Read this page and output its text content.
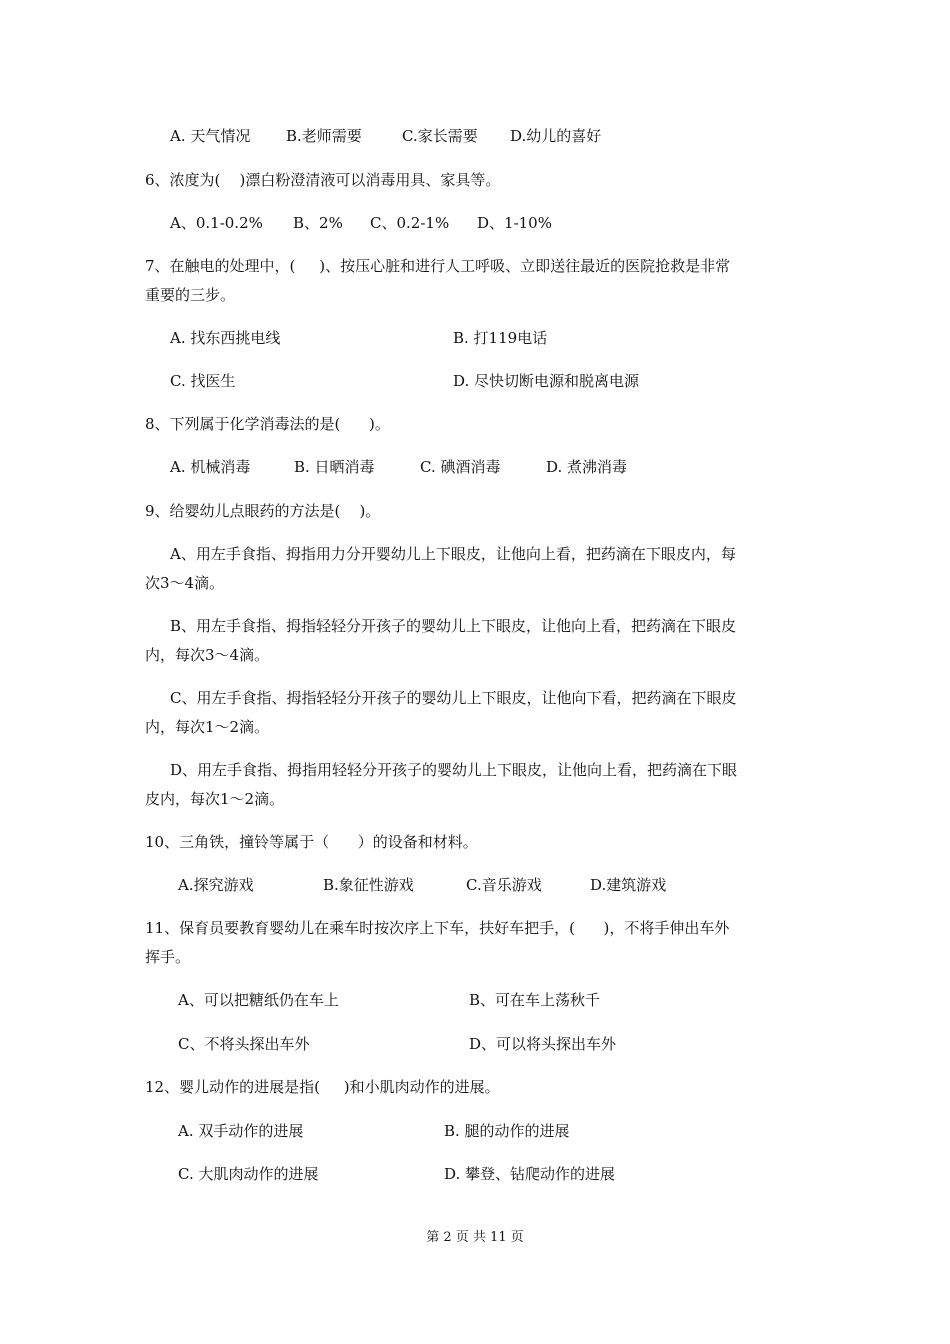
A. 天气情况 B.老师需要	C.家长需要 D.幼儿的喜好
6、浓度为(    )漂白粉澄清液可以消毒用具、家具等。
A、0.1-0.2% B、2% C、0.2-1% D、1-10%
7、在触电的处理中，(     )、按压心脏和进行人工呼吸、立即送往最近的医院抢救是非常
重要的三步。
A. 找东西挑电线	B. 打119电话
C. 找医生	D. 尽快切断电源和脱离电源
8、下列属于化学消毒法的是(      )。
A. 机械消毒	B. 日晒消毒	C. 碘酒消毒	D. 煮沸消毒
9、给婴幼儿点眼药的方法是(    )。
A、用左手食指、拇指用力分开婴幼儿上下眼皮，让他向上看，把药滴在下眼皮内，每
次3～4滴。
B、用左手食指、拇指轻轻分开孩子的婴幼儿上下眼皮，让他向上看，把药滴在下眼皮
内，每次3～4滴。
C、用左手食指、拇指轻轻分开孩子的婴幼儿上下眼皮，让他向下看，把药滴在下眼皮
内，每次1～2滴。
D、用左手食指、拇指用轻轻分开孩子的婴幼儿上下眼皮，让他向上看，把药滴在下眼
皮内，每次1～2滴。
10、三角铁，撞铃等属于（      ）的设备和材料。
A.探究游戏	B.象征性游戏	C.音乐游戏	D.建筑游戏
11、保育员要教育婴幼儿在乘车时按次序上下车，扶好车把手，(      )，不将手伸出车外
挥手。
A、可以把糖纸仍在车上	B、可在车上荡秋千
C、不将头探出车外	D、可以将头探出车外
12、婴儿动作的进展是指(     )和小肌肉动作的进展。
A. 双手动作的进展	B. 腿的动作的进展
C. 大肌肉动作的进展	D. 攀登、钻爬动作的进展
第 2 页 共 11 页
